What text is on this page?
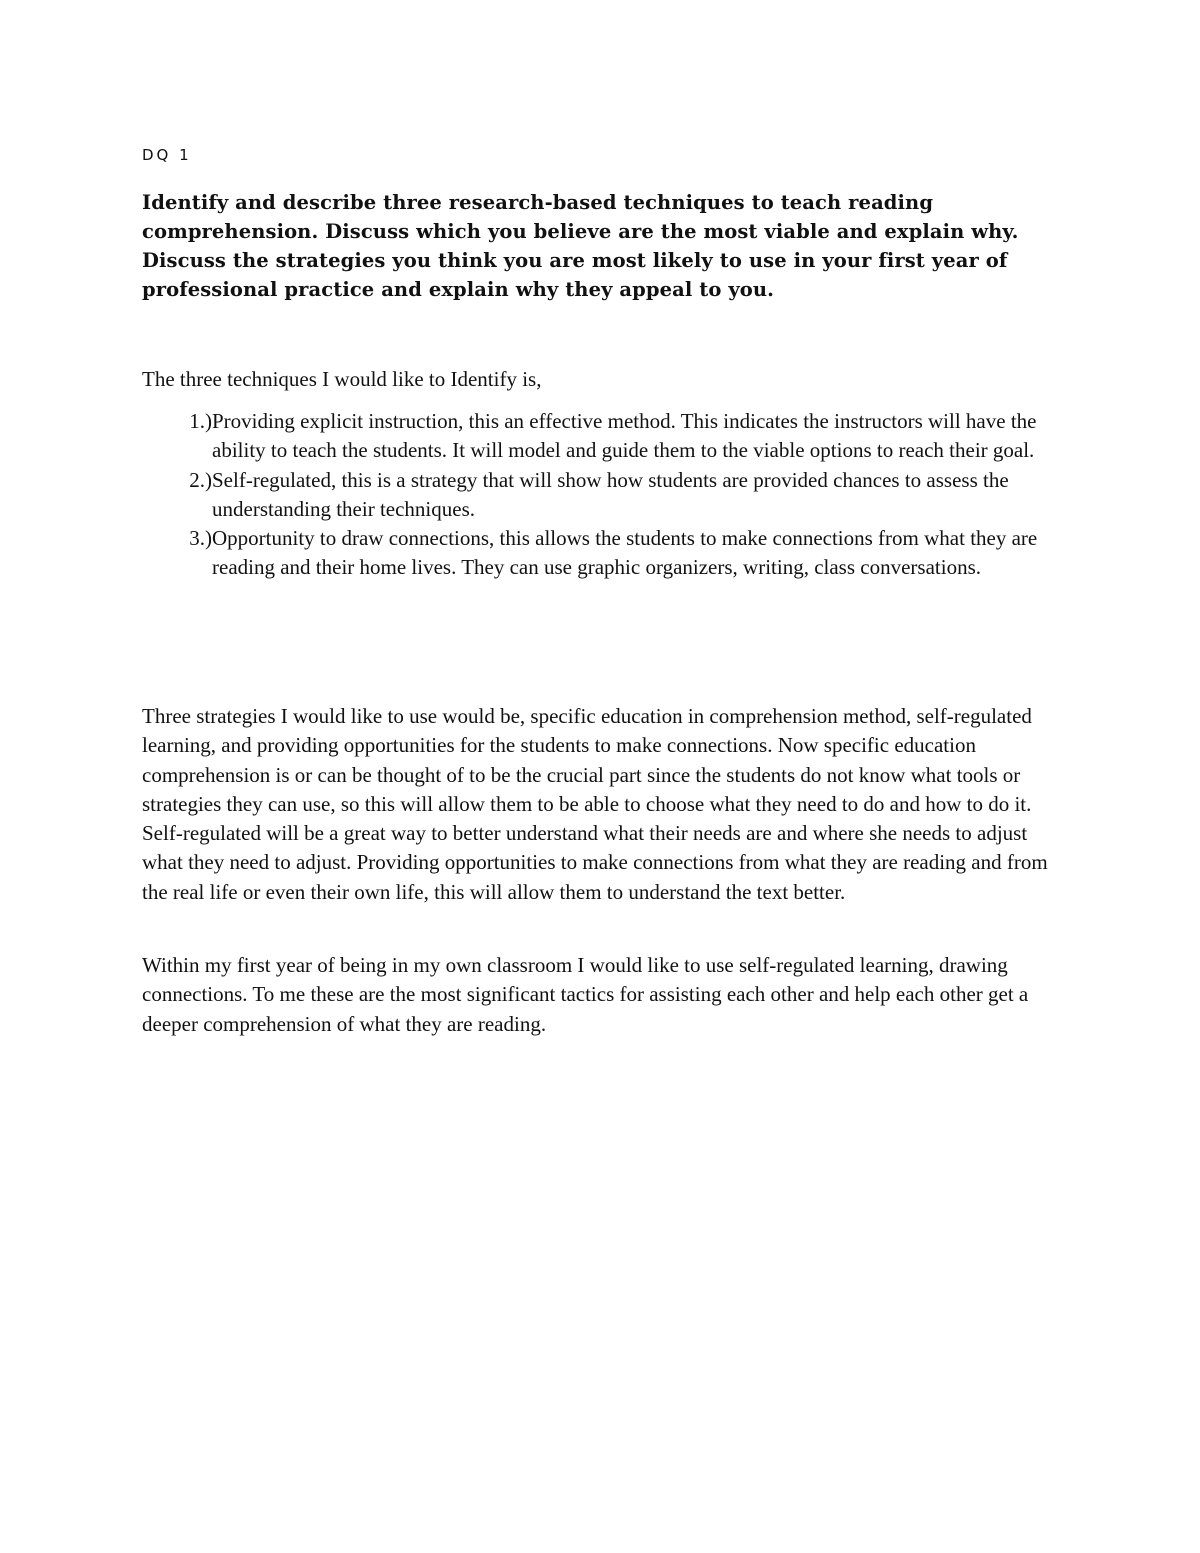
DQ 1

Identify and describe three research-based techniques to teach reading comprehension. Discuss which you believe are the most viable and explain why. Discuss the strategies you think you are most likely to use in your first year of professional practice and explain why they appeal to you.

The three techniques I would like to Identify is,

1.) Providing explicit instruction, this an effective method. This indicates the instructors will have the ability to teach the students. It will model and guide them to the viable options to reach their goal.
2.) Self-regulated, this is a strategy that will show how students are provided chances to assess the understanding their techniques.
3.) Opportunity to draw connections, this allows the students to make connections from what they are reading and their home lives. They can use graphic organizers, writing, class conversations.

Three strategies I would like to use would be, specific education in comprehension method, self-regulated learning, and providing opportunities for the students to make connections. Now specific education comprehension is or can be thought of to be the crucial part since the students do not know what tools or strategies they can use, so this will allow them to be able to choose what they need to do and how to do it. Self-regulated will be a great way to better understand what their needs are and where she needs to adjust what they need to adjust. Providing opportunities to make connections from what they are reading and from the real life or even their own life, this will allow them to understand the text better.

Within my first year of being in my own classroom I would like to use self-regulated learning, drawing connections. To me these are the most significant tactics for assisting each other and help each other get a deeper comprehension of what they are reading.
